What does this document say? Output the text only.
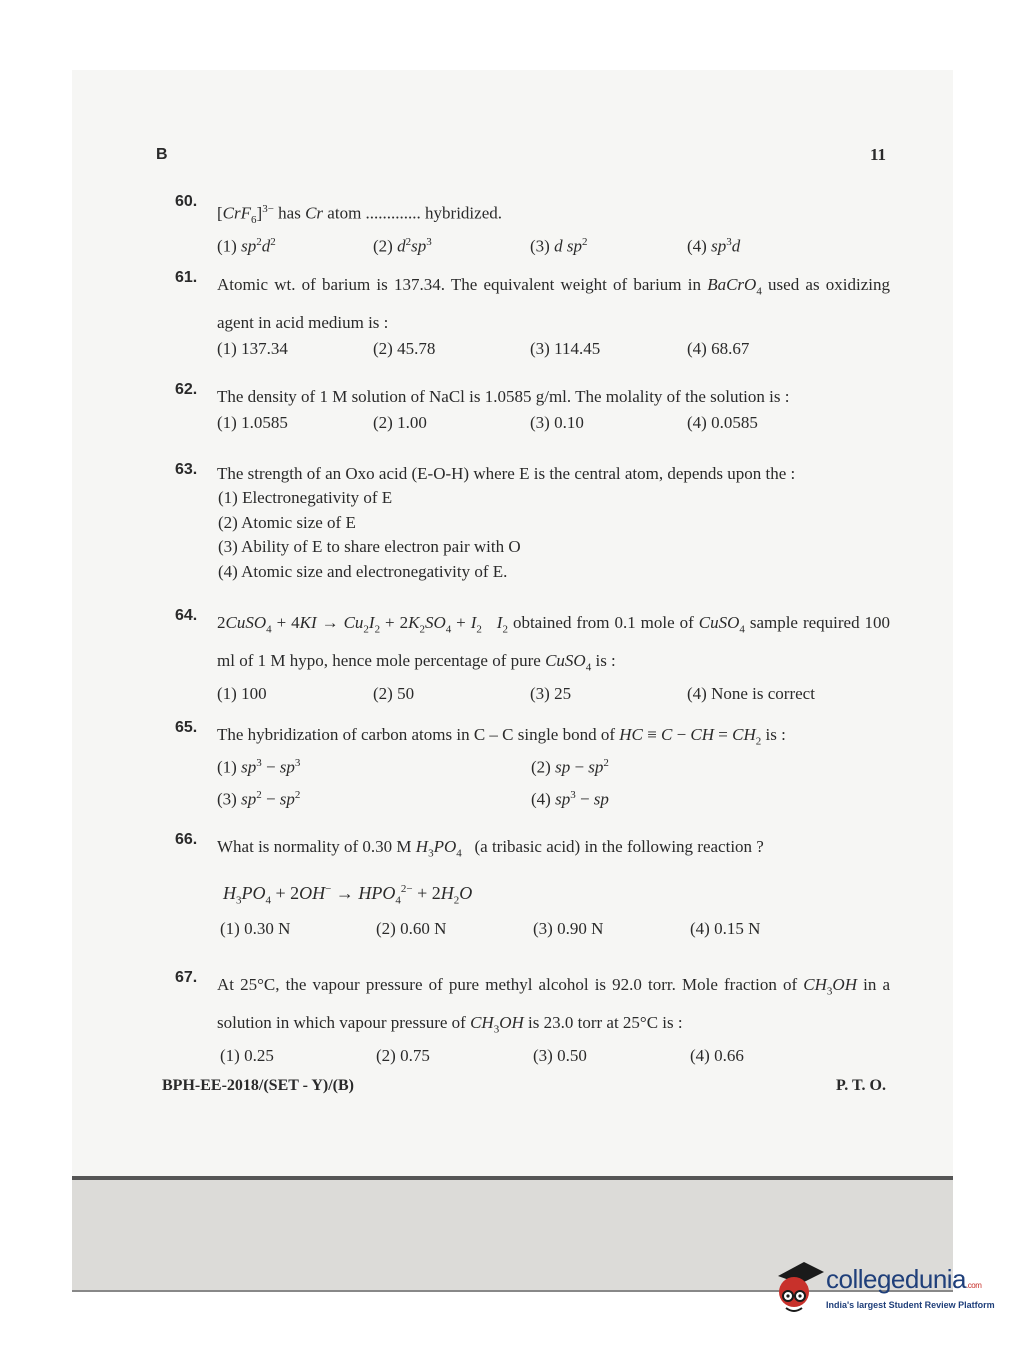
B	11
60.
$[CrF_6]^{3-}$ has Cr atom ............. hybridized.
(1) $sp^2d^2$	(2) $d^2sp^3$	(3) d $sp^2$	(4) $sp^3d$
61. Atomic wt. of barium is 137.34. The equivalent weight of barium in BaCrO$_4$ used as oxidizing agent in acid medium is :
(1) 137.34	(2) 45.78	(3) 114.45	(4) 68.67
62. The density of 1 M solution of NaCl is 1.0585 g/ml. The molality of the solution is :
(1) 1.0585	(2) 1.00	(3) 0.10	(4) 0.0585
63. The strength of an Oxo acid (E-O-H) where E is the central atom, depends upon the :
(1) Electronegativity of E
(2) Atomic size of E
(3) Ability of E to share electron pair with O
(4) Atomic size and electronegativity of E.
64. 2CuSO$_4$ + $4KI \to Cu_2I_2 + 2K_2SO_4 + I_2$ $I_2$ obtained from 0.1 mole of CuSO$_4$ sample required 100 ml of 1 M hypo, hence mole percentage of pure CuSO$_4$ is :
(1) 100	(2) 50	(3) 25	(4) None is correct
65. The hybridization of carbon atoms in C – C single bond of HC ≡ C − CH = $CH_2$ is :
(1) $sp^3 - sp^3$	(2) sp − $sp^2$
(3) $sp^2 - sp^2$	(4) $sp^3$ − sp
66. What is normality of 0.30 M $H_3PO_4$ (a tribasic acid) in the following reaction ?
$H_3PO_4 + 2OH^- \to HPO_4^{2-} + 2H_2O$
(1) 0.30 N	(2) 0.60 N	(3) 0.90 N	(4) 0.15 N
67. At 25°C, the vapour pressure of pure methyl alcohol is 92.0 torr. Mole fraction of $CH_3OH$ in a solution in which vapour pressure of $CH_3OH$ is 23.0 torr at 25°C is :
(1) 0.25	(2) 0.75	(3) 0.50	(4) 0.66
BPH-EE-2018/(SET - Y)/(B)	P. T. O.
collegedunia.com
India's largest Student Review Platform
